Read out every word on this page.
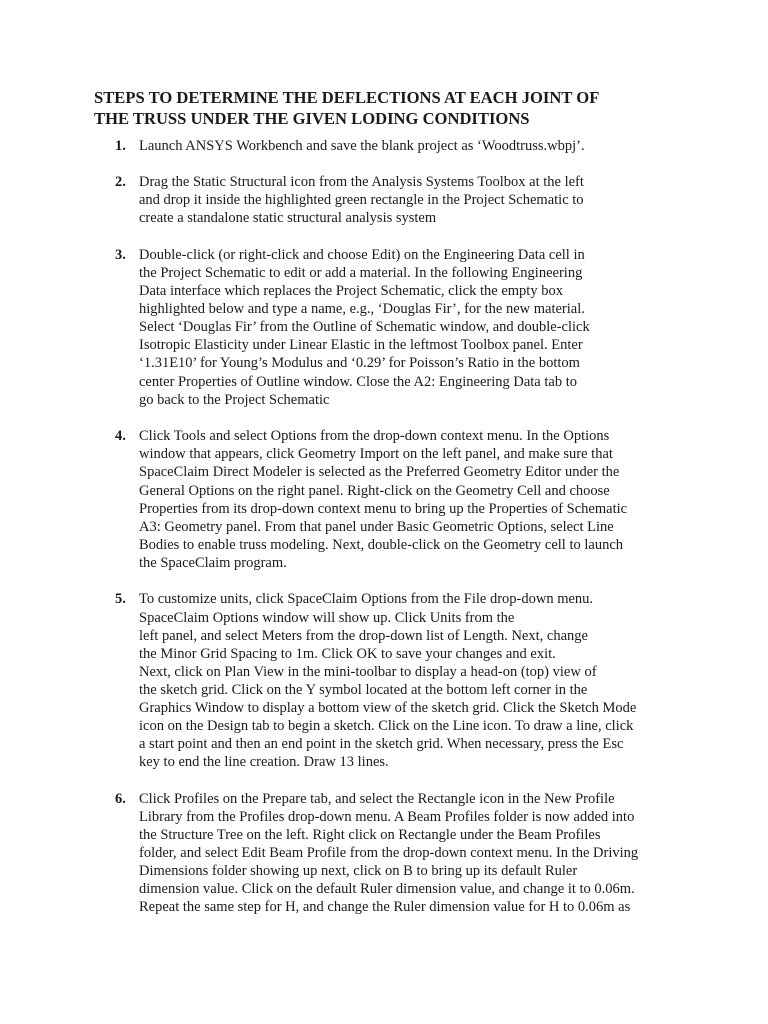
STEPS TO DETERMINE THE DEFLECTIONS AT EACH JOINT OF
THE TRUSS UNDER THE GIVEN LODING CONDITIONS
1. Launch ANSYS Workbench and save the blank project as ‘Woodtruss.wbpj’.
2. Drag the Static Structural icon from the Analysis Systems Toolbox at the left
and drop it inside the highlighted green rectangle in the Project Schematic to
create a standalone static structural analysis system
3. Double-click (or right-click and choose Edit) on the Engineering Data cell in
the Project Schematic to edit or add a material. In the following Engineering
Data interface which replaces the Project Schematic, click the empty box
highlighted below and type a name, e.g., ‘Douglas Fir’, for the new material.
Select ‘Douglas Fir’ from the Outline of Schematic window, and double-click
Isotropic Elasticity under Linear Elastic in the leftmost Toolbox panel. Enter
‘1.31E10’ for Young’s Modulus and ‘0.29’ for Poisson’s Ratio in the bottom
center Properties of Outline window. Close the A2: Engineering Data tab to
go back to the Project Schematic
4. Click Tools and select Options from the drop-down context menu. In the Options
window that appears, click Geometry Import on the left panel, and make sure that
SpaceClaim Direct Modeler is selected as the Preferred Geometry Editor under the
General Options on the right panel. Right-click on the Geometry Cell and choose
Properties from its drop-down context menu to bring up the Properties of Schematic
A3: Geometry panel. From that panel under Basic Geometric Options, select Line
Bodies to enable truss modeling. Next, double-click on the Geometry cell to launch
the SpaceClaim program.
5. To customize units, click SpaceClaim Options from the File drop-down menu.
SpaceClaim Options window will show up. Click Units from the
left panel, and select Meters from the drop-down list of Length. Next, change
the Minor Grid Spacing to 1m. Click OK to save your changes and exit.
Next, click on Plan View in the mini-toolbar to display a head-on (top) view of
the sketch grid. Click on the Y symbol located at the bottom left corner in the
Graphics Window to display a bottom view of the sketch grid. Click the Sketch Mode
icon on the Design tab to begin a sketch. Click on the Line icon. To draw a line, click
a start point and then an end point in the sketch grid. When necessary, press the Esc
key to end the line creation. Draw 13 lines.
6. Click Profiles on the Prepare tab, and select the Rectangle icon in the New Profile
Library from the Profiles drop-down menu. A Beam Profiles folder is now added into
the Structure Tree on the left. Right click on Rectangle under the Beam Profiles
folder, and select Edit Beam Profile from the drop-down context menu. In the Driving
Dimensions folder showing up next, click on B to bring up its default Ruler
dimension value. Click on the default Ruler dimension value, and change it to 0.06m.
Repeat the same step for H, and change the Ruler dimension value for H to 0.06m as
